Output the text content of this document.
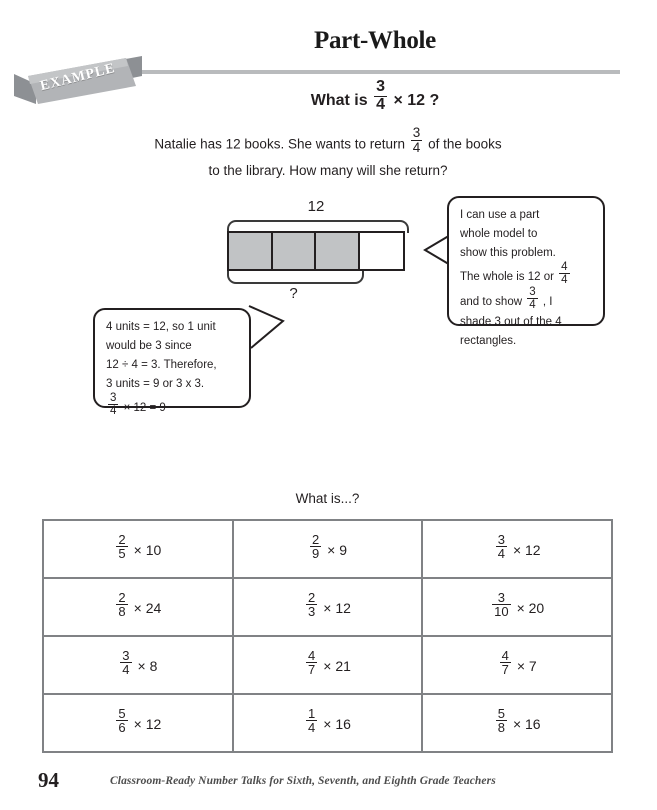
Part-Whole
EXAMPLE
What is $\frac{3}{4} \times 12$ ?
Natalie has 12 books. She wants to return $\frac{3}{4}$ of the books
to the library. How many will she return?
12
?
I can use a part
whole model to
show this problem.
The whole is 12 or $\frac{4}{4}$
and to show $\frac{3}{4}$ , I
shade 3 out of the 4
rectangles.
4 units = 12, so 1 unit
would be 3 since
12 ÷ 4 = 3. Therefore,
3 units = 9 or 3 x 3.
$\frac{3}{4} \times 12 = 9$
What is...?
$\frac{2}{5} \times 10$	$\frac{2}{9} \times 9$	$\frac{3}{4} \times 12$

$\frac{2}{8} \times 24$	$\frac{2}{3} \times 12$	$\frac{3}{10} \times 20$

$\frac{3}{4} \times 8$	$\frac{4}{7} \times 21$	$\frac{4}{7} \times 7$

$\frac{5}{6} \times 12$	$\frac{1}{4} \times 16$	$\frac{5}{8} \times 16$
94	Classroom-Ready Number Talks for Sixth, Seventh, and Eighth Grade Teachers
